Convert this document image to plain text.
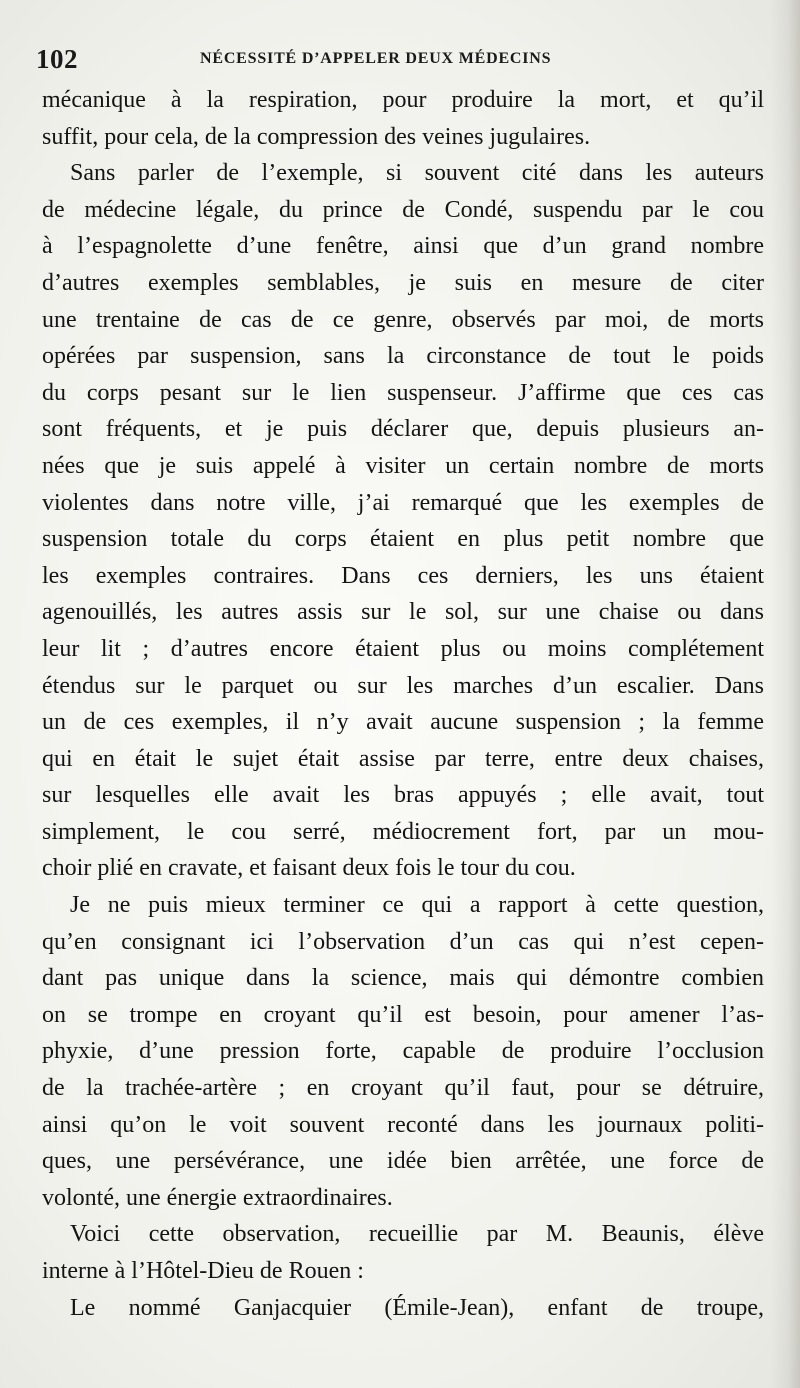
102	NÉCESSITÉ D’APPELER DEUX MÉDECINS
mécanique à la respiration, pour produire la mort, et qu’il
suffit, pour cela, de la compression des veines jugulaires.
Sans parler de l’exemple, si souvent cité dans les auteurs
de médecine légale, du prince de Condé, suspendu par le cou
à l’espagnolette d’une fenêtre, ainsi que d’un grand nombre
d’autres exemples semblables, je suis en mesure de citer
une trentaine de cas de ce genre, observés par moi, de morts
opérées par suspension, sans la circonstance de tout le poids
du corps pesant sur le lien suspenseur. J’affirme que ces cas
sont fréquents, et je puis déclarer que, depuis plusieurs an-
nées que je suis appelé à visiter un certain nombre de morts
violentes dans notre ville, j’ai remarqué que les exemples de
suspension totale du corps étaient en plus petit nombre que
les exemples contraires. Dans ces derniers, les uns étaient
agenouillés, les autres assis sur le sol, sur une chaise ou dans
leur lit ; d’autres encore étaient plus ou moins complétement
étendus sur le parquet ou sur les marches d’un escalier. Dans
un de ces exemples, il n’y avait aucune suspension ; la femme
qui en était le sujet était assise par terre, entre deux chaises,
sur lesquelles elle avait les bras appuyés ; elle avait, tout
simplement, le cou serré, médiocrement fort, par un mou-
choir plié en cravate, et faisant deux fois le tour du cou.
Je ne puis mieux terminer ce qui a rapport à cette question,
qu’en consignant ici l’observation d’un cas qui n’est cepen-
dant pas unique dans la science, mais qui démontre combien
on se trompe en croyant qu’il est besoin, pour amener l’as-
phyxie, d’une pression forte, capable de produire l’occlusion
de la trachée-artère ; en croyant qu’il faut, pour se détruire,
ainsi qu’on le voit souvent reconté dans les journaux politi-
ques, une persévérance, une idée bien arrêtée, une force de
volonté, une énergie extraordinaires.
Voici cette observation, recueillie par M. Beaunis, élève
interne à l’Hôtel-Dieu de Rouen :
Le nommé Ganjacquier (Émile-Jean), enfant de troupe,
